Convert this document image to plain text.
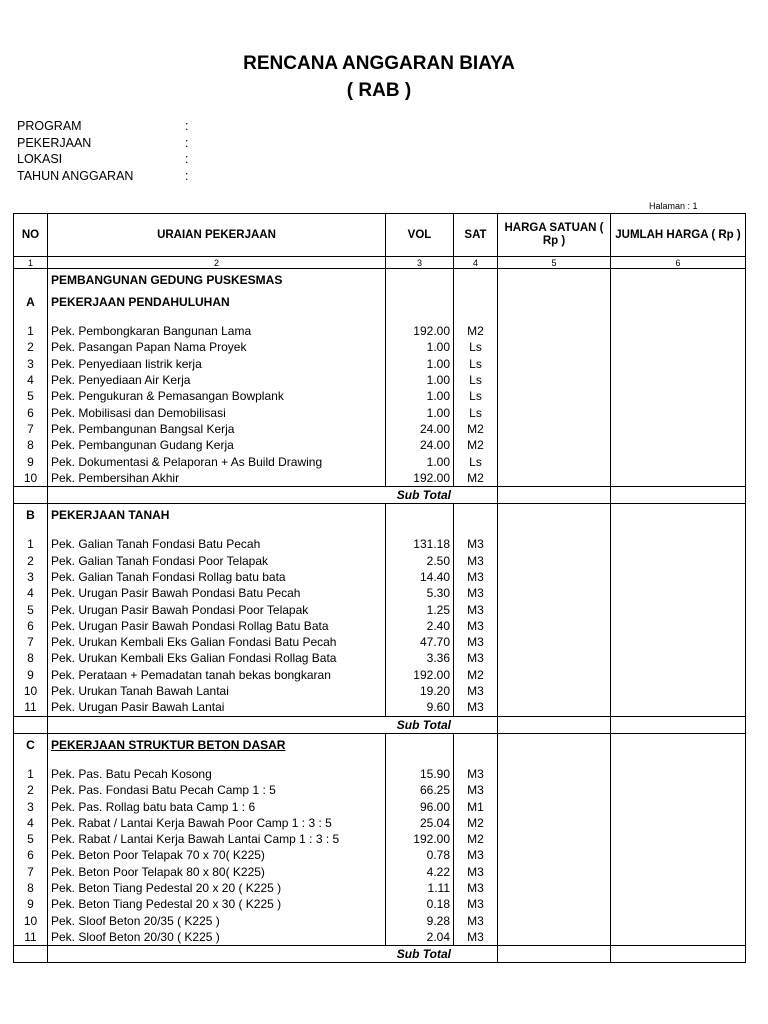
RENCANA ANGGARAN BIAYA
( RAB )
PROGRAM	:
PEKERJAAN	:
LOKASI	:
TAHUN ANGGARAN	:
Halaman : 1
NO	URAIAN PEKERJAAN	VOL	SAT	HARGA SATUAN ( Rp )	JUMLAH HARGA ( Rp )
1	2	3	4	5	6
	PEMBANGUNAN GEDUNG PUSKESMAS				
A	PEKERJAAN PENDAHULUHAN				

1	Pek. Pembongkaran Bangunan Lama	192.00	M2		
2	Pek. Pasangan Papan Nama Proyek	1.00	Ls		
3	Pek. Penyediaan listrik kerja	1.00	Ls		
4	Pek. Penyediaan Air Kerja	1.00	Ls		
5	Pek. Pengukuran & Pemasangan Bowplank	1.00	Ls		
6	Pek. Mobilisasi dan Demobilisasi	1.00	Ls		
7	Pek. Pembangunan Bangsal Kerja	24.00	M2		
8	Pek. Pembangunan Gudang Kerja	24.00	M2		
9	Pek. Dokumentasi & Pelaporan + As Build Drawing	1.00	Ls		
10	Pek. Pembersihan Akhir	192.00	M2		
	Sub Total				
B	PEKERJAAN TANAH				

1	Pek. Galian Tanah Fondasi Batu Pecah	131.18	M3		
2	Pek. Galian Tanah Fondasi Poor Telapak	2.50	M3		
3	Pek. Galian Tanah Fondasi Rollag batu bata	14.40	M3		
4	Pek. Urugan Pasir Bawah Pondasi Batu Pecah	5.30	M3		
5	Pek. Urugan Pasir Bawah Pondasi Poor Telapak	1.25	M3		
6	Pek. Urugan Pasir Bawah Pondasi Rollag Batu Bata	2.40	M3		
7	Pek. Urukan Kembali Eks Galian Fondasi Batu Pecah	47.70	M3		
8	Pek. Urukan Kembali Eks Galian Fondasi Rollag Bata	3.36	M3		
9	Pek. Perataan + Pemadatan tanah bekas bongkaran	192.00	M2		
10	Pek. Urukan Tanah Bawah Lantai	19.20	M3		
11	Pek. Urugan Pasir Bawah Lantai	9.60	M3		
	Sub Total				
C	PEKERJAAN STRUKTUR BETON DASAR				

1	Pek. Pas. Batu Pecah Kosong	15.90	M3		
2	Pek. Pas. Fondasi Batu Pecah Camp 1 : 5	66.25	M3		
3	Pek. Pas. Rollag batu bata Camp 1 : 6	96.00	M1		
4	Pek. Rabat / Lantai Kerja Bawah Poor Camp 1 : 3 : 5	25.04	M2		
5	Pek. Rabat / Lantai Kerja Bawah Lantai Camp 1 : 3 : 5	192.00	M2		
6	Pek. Beton Poor Telapak 70 x 70( K225)	0.78	M3		
7	Pek. Beton Poor Telapak 80 x 80( K225)	4.22	M3		
8	Pek. Beton Tiang Pedestal 20 x 20 ( K225 )	1.11	M3		
9	Pek. Beton Tiang Pedestal 20 x 30 ( K225 )	0.18	M3		
10	Pek. Sloof Beton 20/35 ( K225 )	9.28	M3		
11	Pek. Sloof Beton 20/30 ( K225 )	2.04	M3		
	Sub Total				
